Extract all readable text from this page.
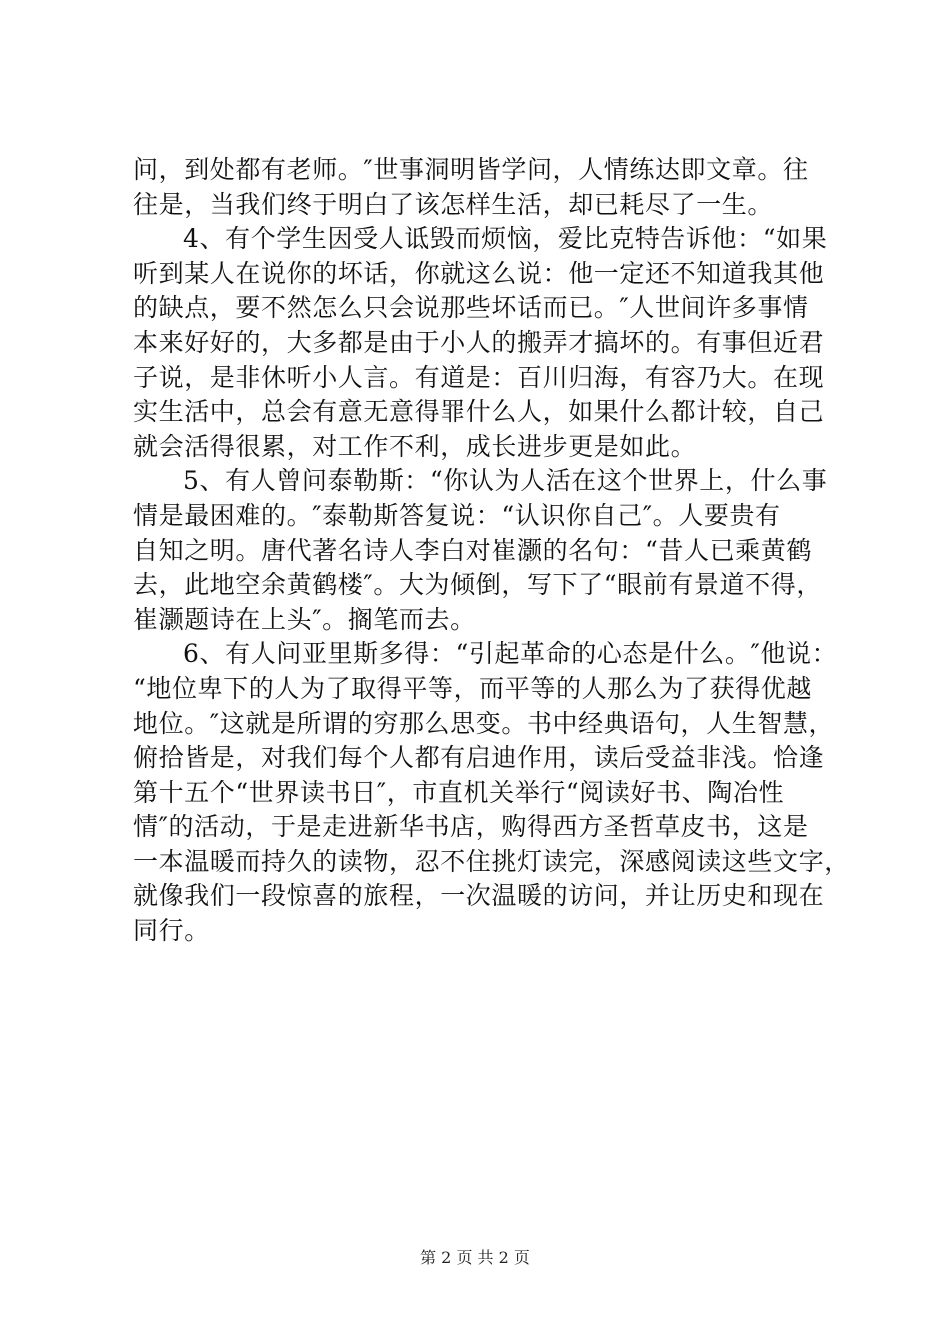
问，到处都有老师。″世事洞明皆学问，人情练达即文章。往
往是，当我们终于明白了该怎样生活，却已耗尽了一生。
4、有个学生因受人诋毁而烦恼，爱比克特告诉他：“如果
听到某人在说你的坏话，你就这么说：他一定还不知道我其他
的缺点，要不然怎么只会说那些坏话而已。″人世间许多事情
本来好好的，大多都是由于小人的搬弄才搞坏的。有事但近君
子说，是非休听小人言。有道是：百川归海，有容乃大。在现
实生活中，总会有意无意得罪什么人，如果什么都计较，自己
就会活得很累，对工作不利，成长进步更是如此。
5、有人曾问泰勒斯：“你认为人活在这个世界上，什么事
情是最困难的。″泰勒斯答复说：“认识你自己″。人要贵有
自知之明。唐代著名诗人李白对崔灏的名句：“昔人已乘黄鹤
去，此地空余黄鹤楼″。大为倾倒，写下了“眼前有景道不得，
崔灏题诗在上头″。搁笔而去。
6、有人问亚里斯多得：“引起革命的心态是什么。″他说：
“地位卑下的人为了取得平等，而平等的人那么为了获得优越
地位。″这就是所谓的穷那么思变。书中经典语句，人生智慧，
俯拾皆是，对我们每个人都有启迪作用，读后受益非浅。恰逢
第十五个“世界读书日″，市直机关举行“阅读好书、陶冶性
情″的活动，于是走进新华书店，购得西方圣哲草皮书，这是
一本温暖而持久的读物，忍不住挑灯读完，深感阅读这些文字，
就像我们一段惊喜的旅程，一次温暖的访问，并让历史和现在
同行。
第 2 页 共 2 页
